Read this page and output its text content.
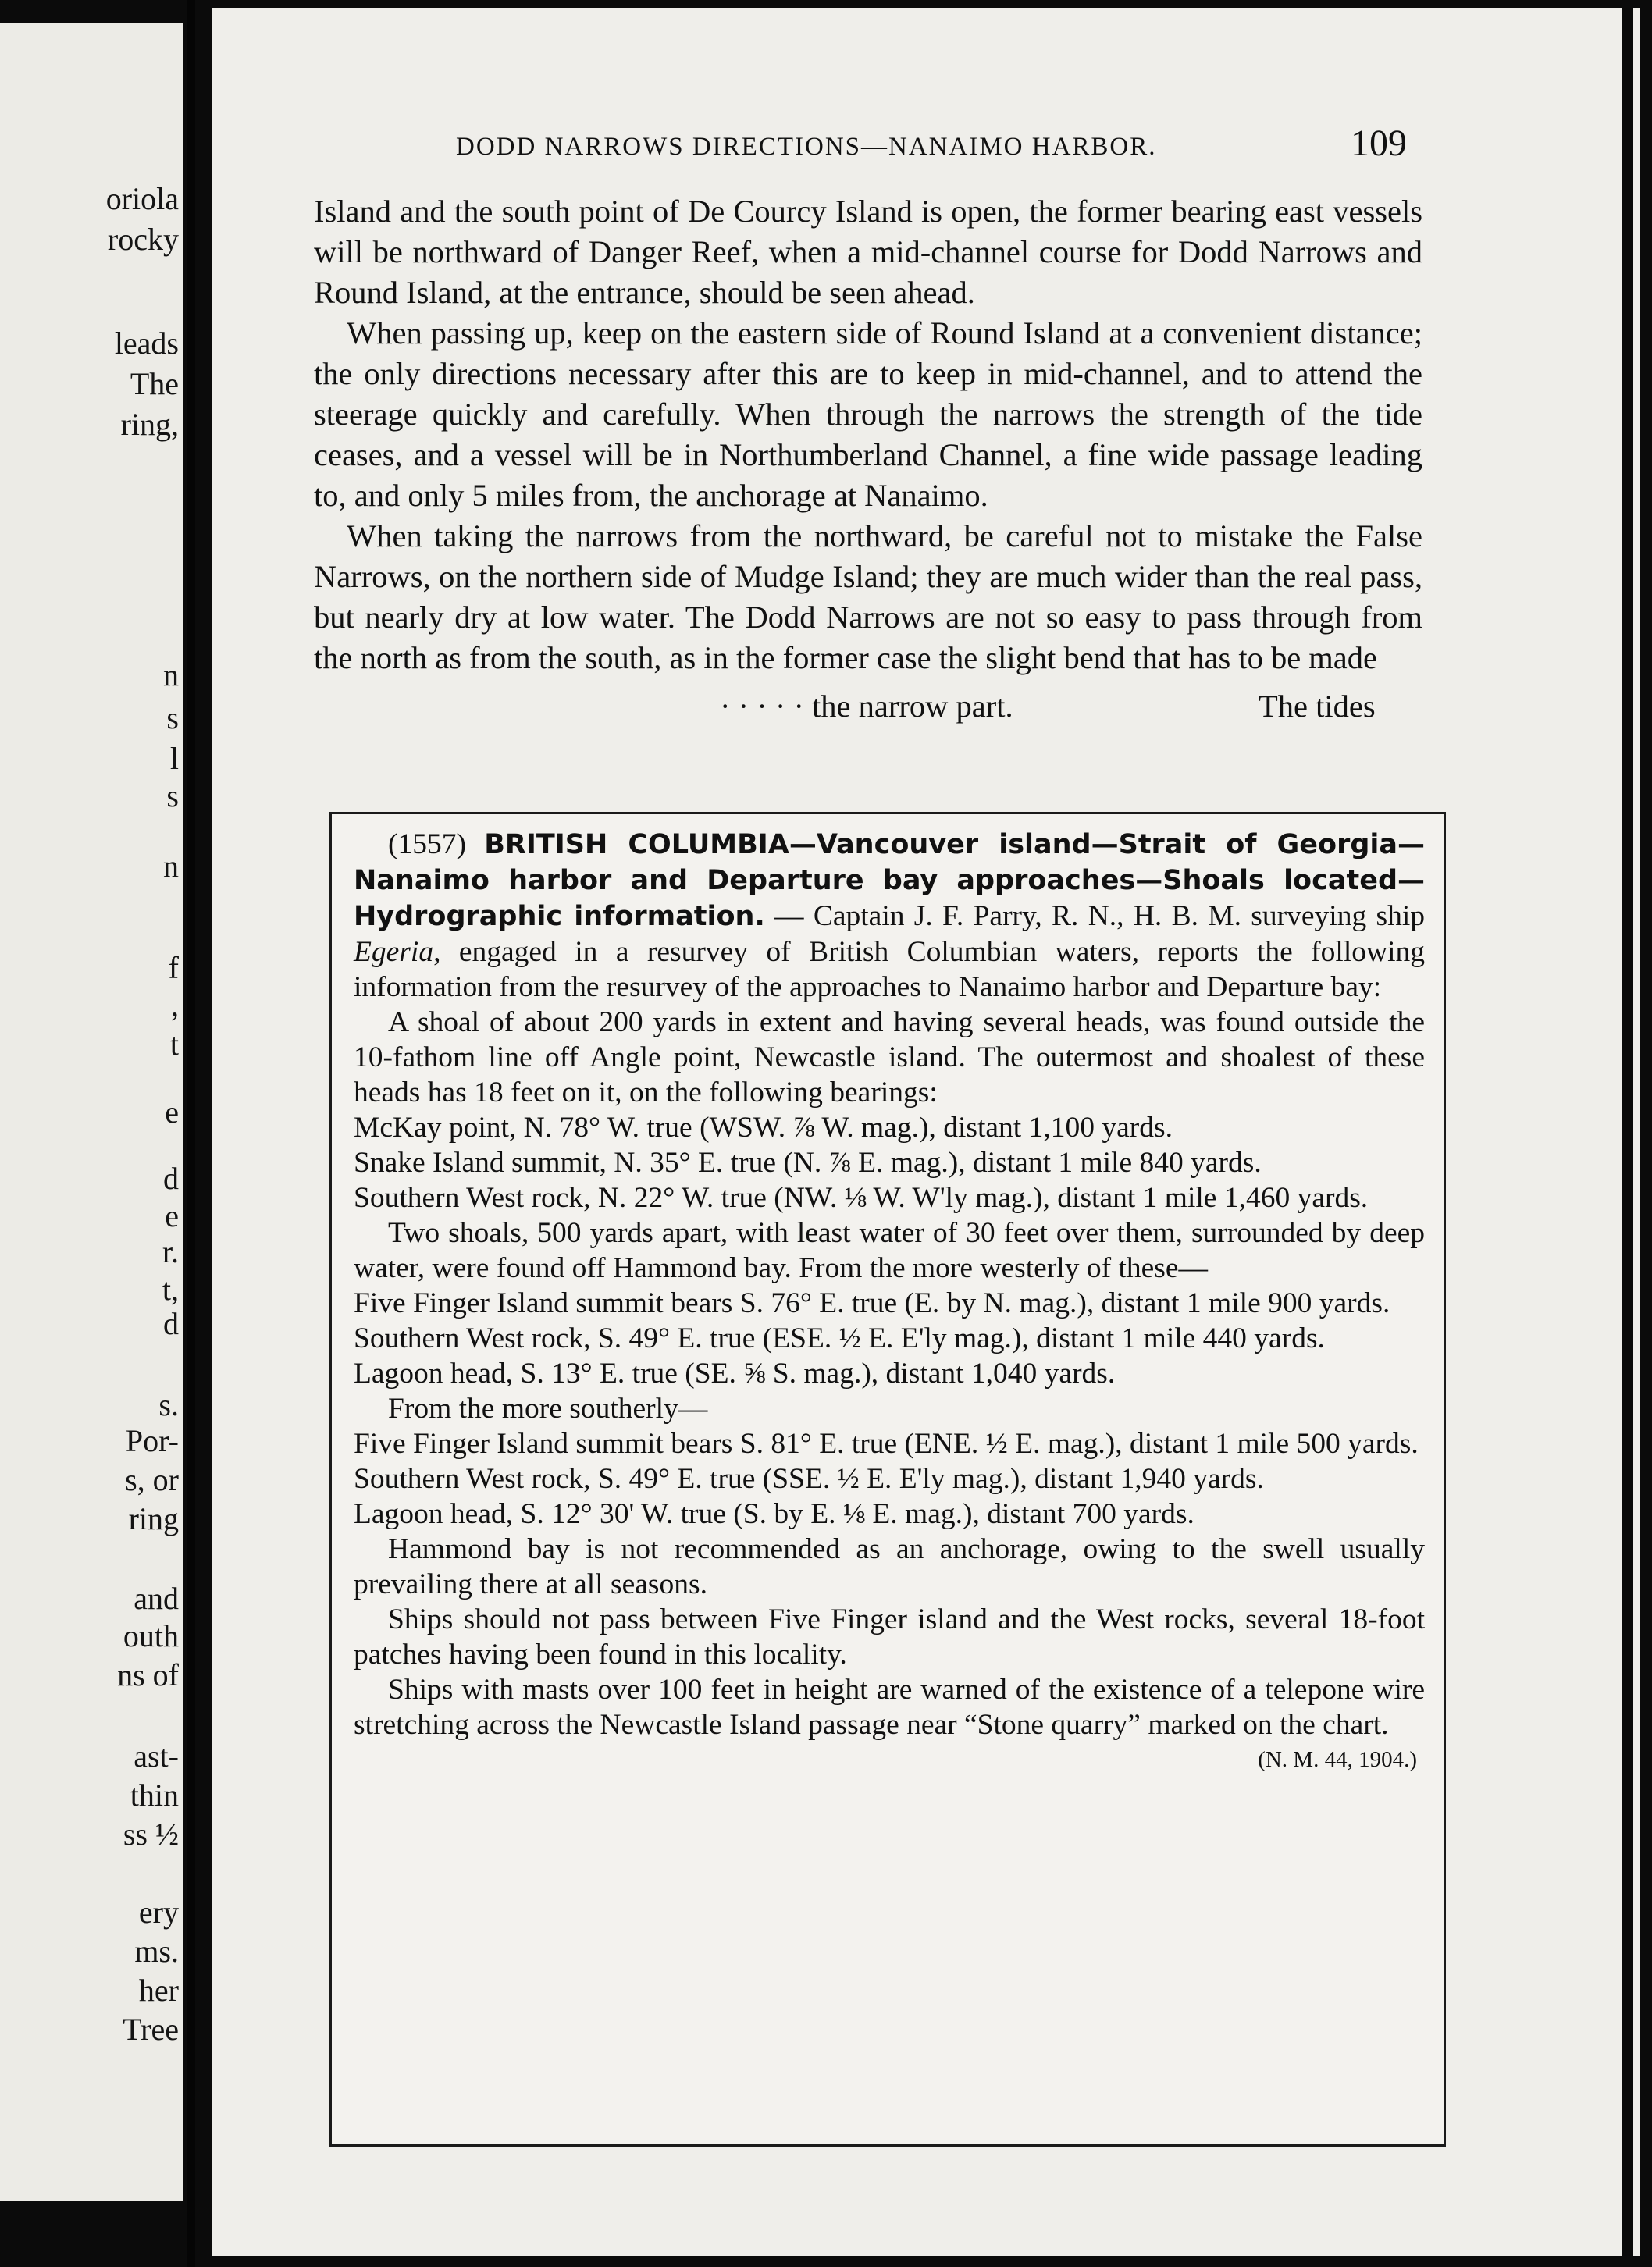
oriola
rocky
leads
The
ring,
n
s
l
s
n
f
,
t
e
d
e
r.
t,
d
s.
Por-
s, or
ring
and
outh
ns of
ast-
thin
ss ½
ery
ms.
her
Tree
DODD NARROWS DIRECTIONS—NANAIMO HARBOR.	109

Island and the south point of De Courcy Island is open, the former bearing east vessels will be northward of Danger Reef, when a mid-channel course for Dodd Narrows and Round Island, at the entrance, should be seen ahead.

When passing up, keep on the eastern side of Round Island at a convenient distance; the only directions necessary after this are to keep in mid-channel, and to attend the steerage quickly and carefully. When through the narrows the strength of the tide ceases, and a vessel will be in Northumberland Channel, a fine wide passage leading to, and only 5 miles from, the anchorage at Nanaimo.

When taking the narrows from the northward, be careful not to mistake the False Narrows, on the northern side of Mudge Island; they are much wider than the real pass, but nearly dry at low water. The Dodd Narrows are not so easy to pass through from the north as from the south, as in the former case the slight bend that has to be made

· · · · · the narrow part.	The tides

(1557) BRITISH COLUMBIA—Vancouver island—Strait of Georgia—Nanaimo harbor and Departure bay approaches—Shoals located—Hydrographic information. — Captain J. F. Parry, R. N., H. B. M. surveying ship Egeria, engaged in a resurvey of British Columbian waters, reports the following information from the resurvey of the approaches to Nanaimo harbor and Departure bay:

A shoal of about 200 yards in extent and having several heads, was found outside the 10-fathom line off Angle point, Newcastle island. The outermost and shoalest of these heads has 18 feet on it, on the following bearings:

McKay point, N. 78° W. true (WSW. ⅞ W. mag.), distant 1,100 yards.

Snake Island summit, N. 35° E. true (N. ⅞ E. mag.), distant 1 mile 840 yards.

Southern West rock, N. 22° W. true (NW. ⅛ W. W'ly mag.), distant 1 mile 1,460 yards.

Two shoals, 500 yards apart, with least water of 30 feet over them, surrounded by deep water, were found off Hammond bay. From the more westerly of these—

Five Finger Island summit bears S. 76° E. true (E. by N. mag.), distant 1 mile 900 yards.

Southern West rock, S. 49° E. true (ESE. ½ E. E'ly mag.), distant 1 mile 440 yards.

Lagoon head, S. 13° E. true (SE. ⅝ S. mag.), distant 1,040 yards.

From the more southerly—

Five Finger Island summit bears S. 81° E. true (ENE. ½ E. mag.), distant 1 mile 500 yards.

Southern West rock, S. 49° E. true (SSE. ½ E. E'ly mag.), distant 1,940 yards.

Lagoon head, S. 12° 30' W. true (S. by E. ⅛ E. mag.), distant 700 yards.

Hammond bay is not recommended as an anchorage, owing to the swell usually prevailing there at all seasons.

Ships should not pass between Five Finger island and the West rocks, several 18-foot patches having been found in this locality.

Ships with masts over 100 feet in height are warned of the existence of a telepone wire stretching across the Newcastle Island passage near “Stone quarry” marked on the chart.

(N. M. 44, 1904.)
